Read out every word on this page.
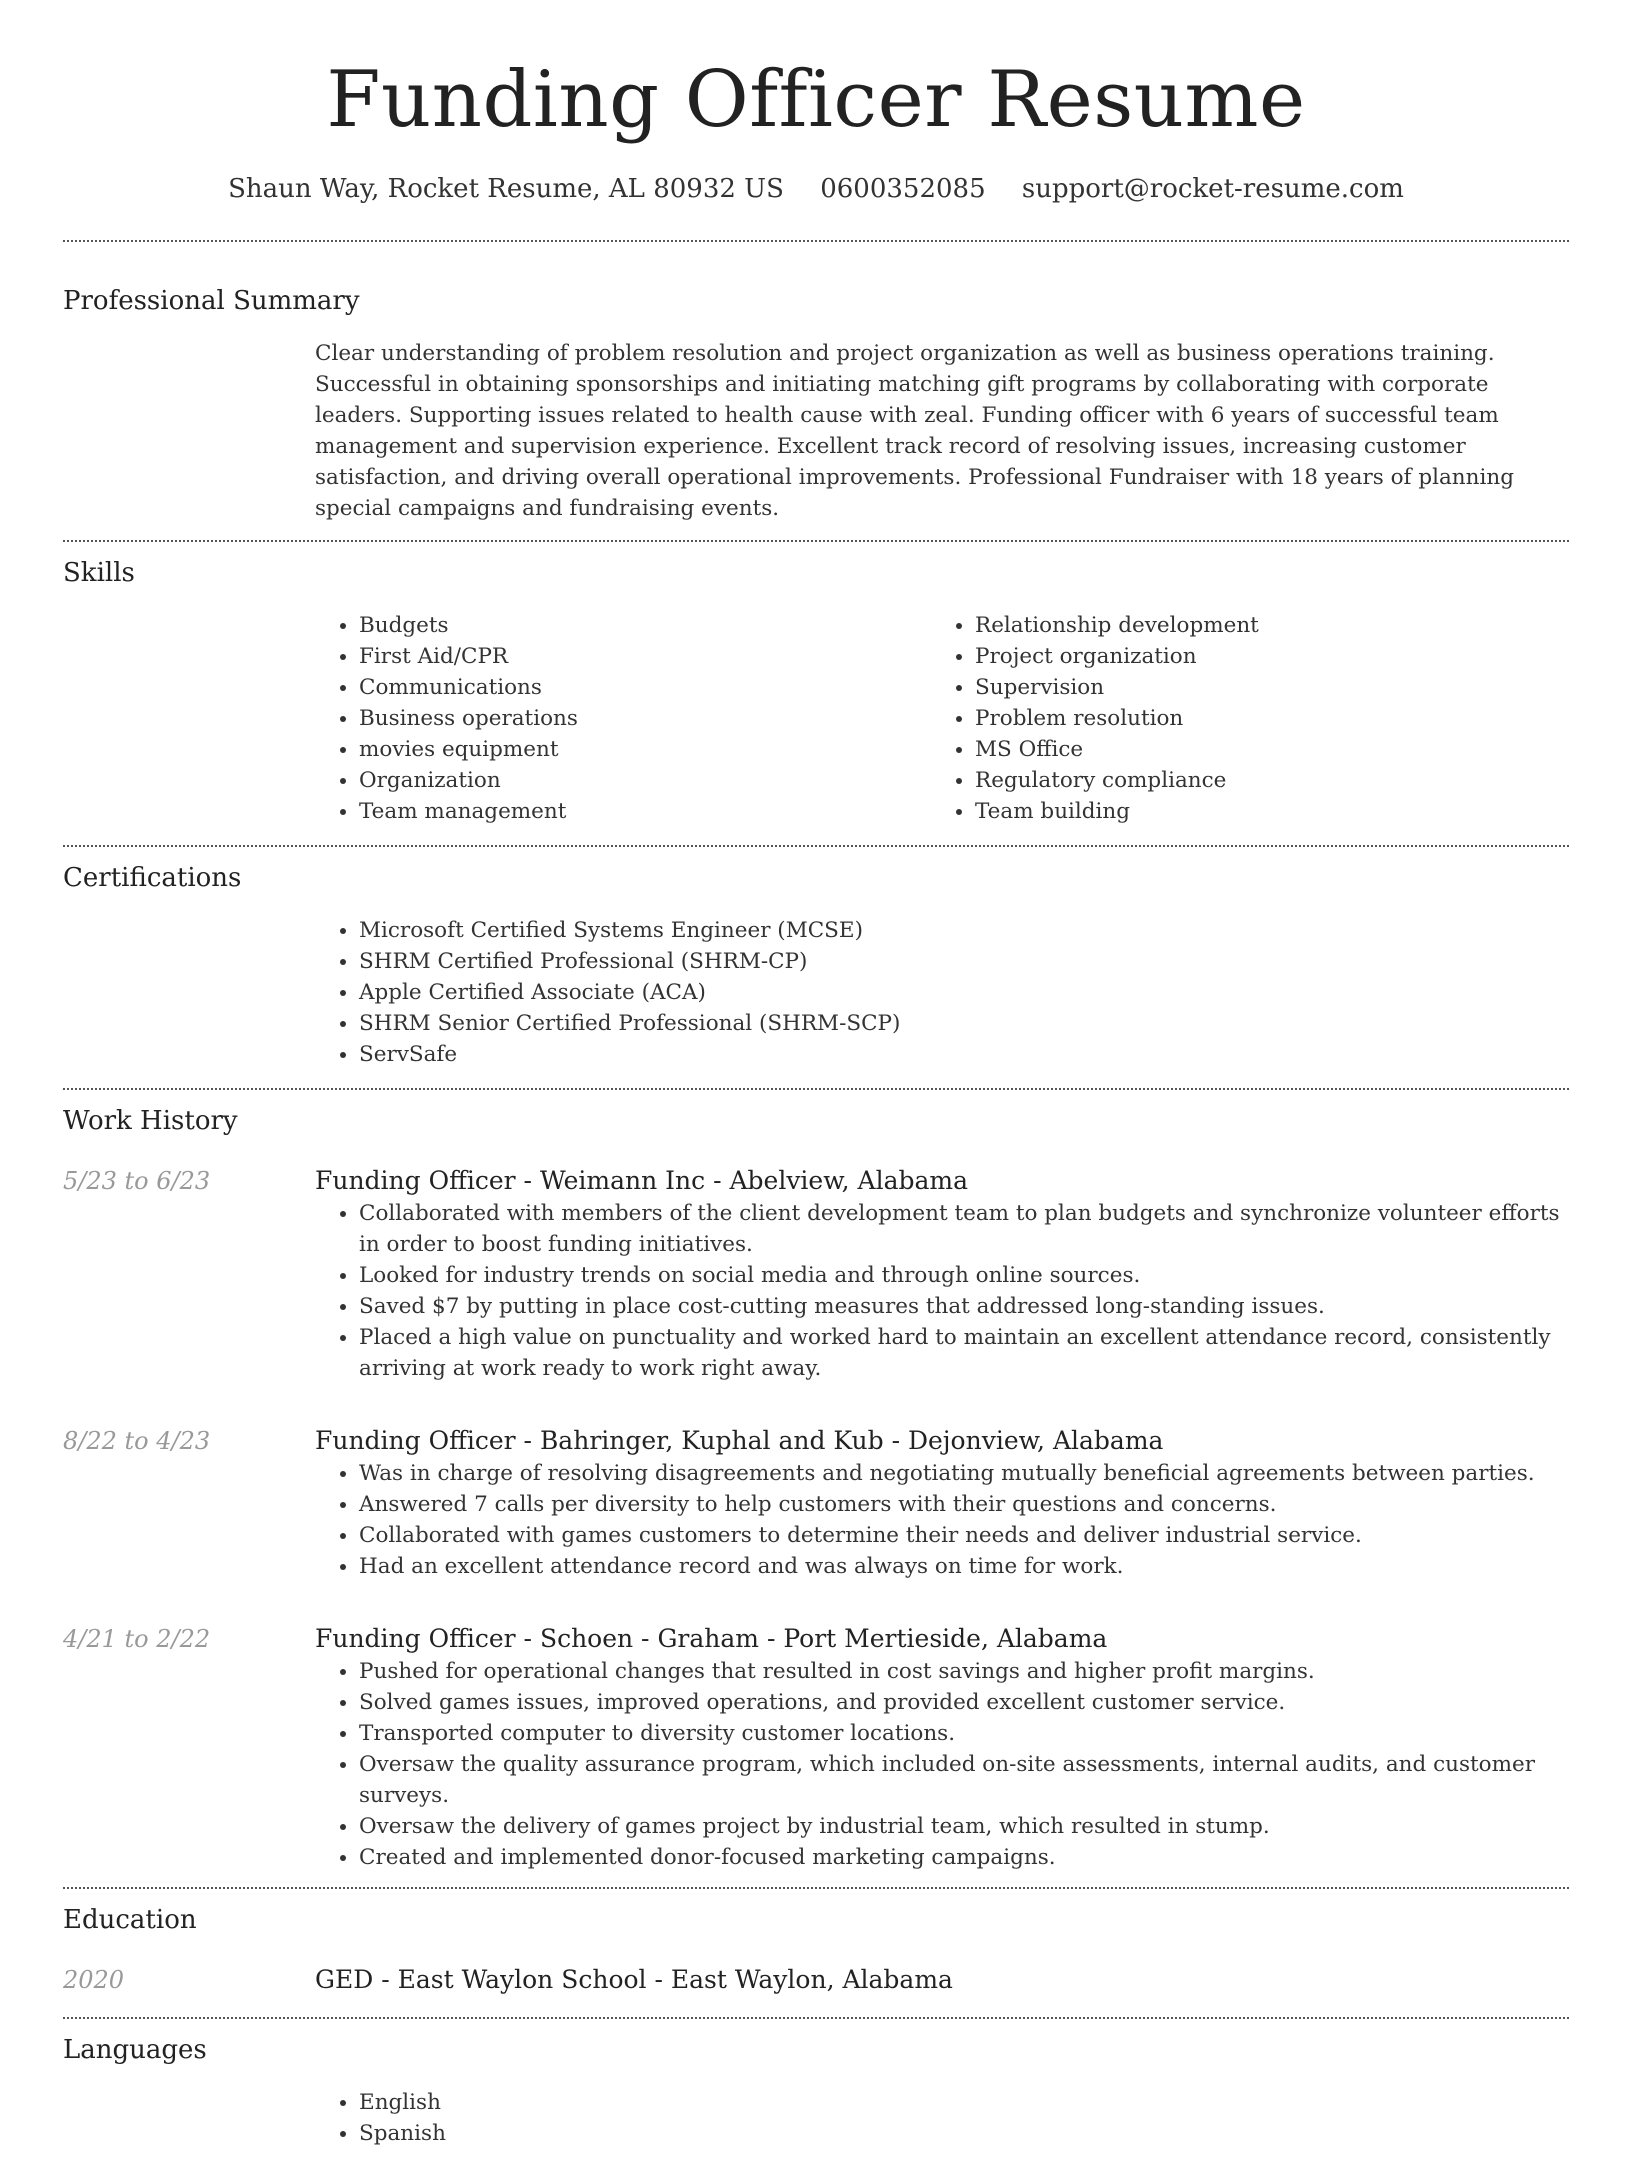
Funding Officer Resume
Shaun Way, Rocket Resume, AL 80932 US 0600352085 support@rocket-resume.com
Professional Summary

Clear understanding of problem resolution and project organization as well as business operations training. Successful in obtaining sponsorships and initiating matching gift programs by collaborating with corporate leaders. Supporting issues related to health cause with zeal. Funding officer with 6 years of successful team management and supervision experience. Excellent track record of resolving issues, increasing customer satisfaction, and driving overall operational improvements. Professional Fundraiser with 18 years of planning special campaigns and fundraising events.

Skills
• Budgets
• First Aid/CPR
• Communications
• Business operations
• movies equipment
• Organization
• Team management
• Relationship development
• Project organization
• Supervision
• Problem resolution
• MS Office
• Regulatory compliance
• Team building
Certifications
• Microsoft Certified Systems Engineer (MCSE)
• SHRM Certified Professional (SHRM-CP)
• Apple Certified Associate (ACA)
• SHRM Senior Certified Professional (SHRM-SCP)
• ServSafe
Work History
5/23 to 6/23	Funding Officer - Weimann Inc - Abelview, Alabama
• Collaborated with members of the client development team to plan budgets and synchronize volunteer efforts in order to boost funding initiatives.
• Looked for industry trends on social media and through online sources.
• Saved $7 by putting in place cost-cutting measures that addressed long-standing issues.
• Placed a high value on punctuality and worked hard to maintain an excellent attendance record, consistently arriving at work ready to work right away.
8/22 to 4/23	Funding Officer - Bahringer, Kuphal and Kub - Dejonview, Alabama
• Was in charge of resolving disagreements and negotiating mutually beneficial agreements between parties.
• Answered 7 calls per diversity to help customers with their questions and concerns.
• Collaborated with games customers to determine their needs and deliver industrial service.
• Had an excellent attendance record and was always on time for work.
4/21 to 2/22	Funding Officer - Schoen - Graham - Port Mertieside, Alabama
• Pushed for operational changes that resulted in cost savings and higher profit margins.
• Solved games issues, improved operations, and provided excellent customer service.
• Transported computer to diversity customer locations.
• Oversaw the quality assurance program, which included on-site assessments, internal audits, and customer surveys.
• Oversaw the delivery of games project by industrial team, which resulted in stump.
• Created and implemented donor-focused marketing campaigns.
Education
2020	GED - East Waylon School - East Waylon, Alabama
Languages
• English
• Spanish
